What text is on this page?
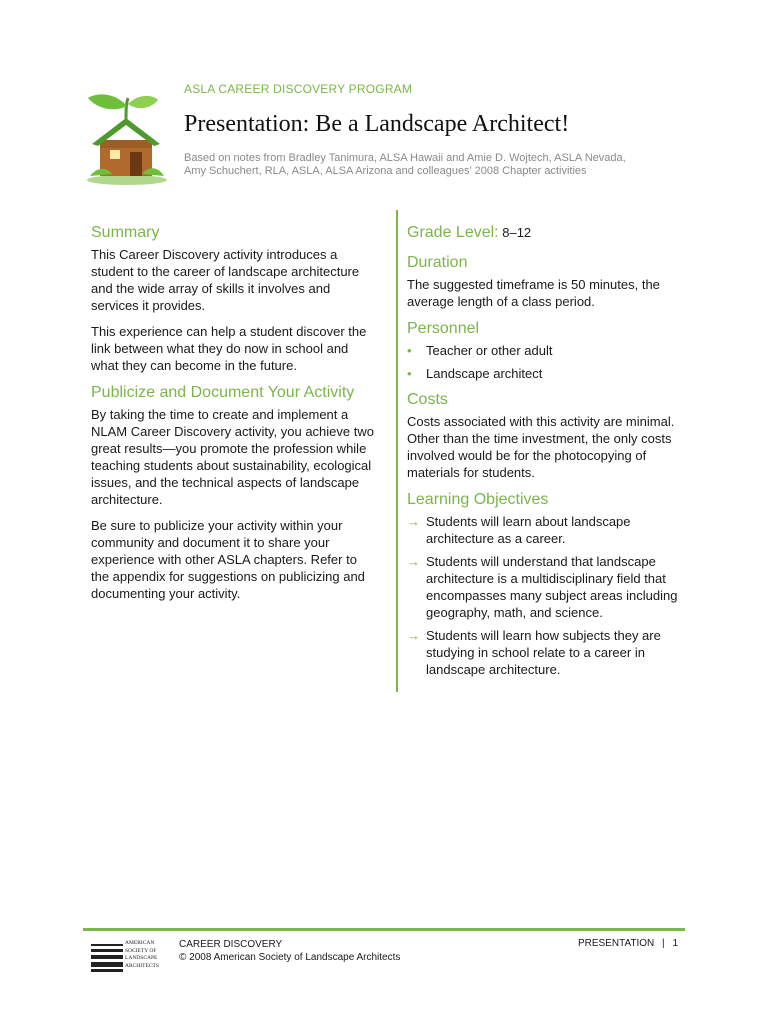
ASLA CAREER DISCOVERY PROGRAM
Presentation: Be a Landscape Architect!
Based on notes from Bradley Tanimura, ALSA Hawaii and Amie D. Wojtech, ASLA Nevada,
Amy Schuchert, RLA, ASLA, ALSA Arizona and colleagues’ 2008 Chapter activities
Summary

This Career Discovery activity introduces a student to the career of landscape architecture and the wide array of skills it involves and services it provides.

This experience can help a student discover the link between what they do now in school and what they can become in the future.

Publicize and Document Your Activity

By taking the time to create and implement a NLAM Career Discovery activity, you achieve two great results—you promote the profession while teaching students about sustainability, ecological issues, and the technical aspects of landscape architecture.

Be sure to publicize your activity within your community and document it to share your experience with other ASLA chapters. Refer to the appendix for suggestions on publicizing and documenting your activity.

Grade Level: 8–12
Duration

The suggested timeframe is 50 minutes, the average length of a class period.

Personnel
• Teacher or other adult
• Landscape architect
Costs

Costs associated with this activity are minimal. Other than the time investment, the only costs involved would be for the photocopying of materials for students.

Learning Objectives
→ Students will learn about landscape architecture as a career.
→ Students will understand that landscape architecture is a multidisciplinary field that encompasses many subject areas including geography, math, and science.
→ Students will learn how subjects they are studying in school relate to a career in landscape architecture.
AMERICAN
SOCIETY OF
LANDSCAPE
ARCHITECTS
CAREER DISCOVERY
© 2008 American Society of Landscape Architects
PRESENTATION | 1
